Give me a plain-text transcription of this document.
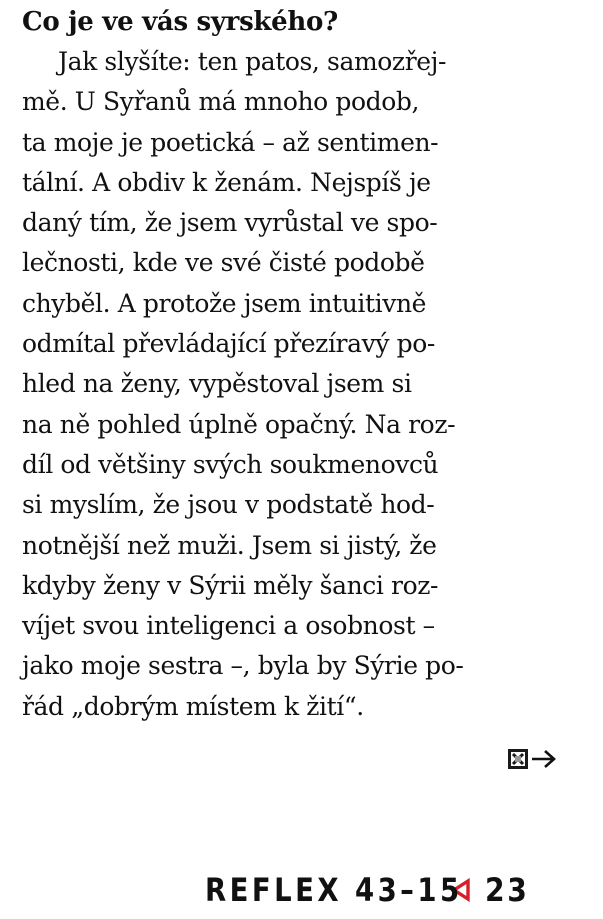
Co je ve vás syrského?
Jak slyšíte: ten patos, samozřej-
mě. U Syřanů má mnoho podob,
ta moje je poetická – až sentimen-
tální. A obdiv k ženám. Nejspíš je
daný tím, že jsem vyrůstal ve spo-
lečnosti, kde ve své čisté podobě
chyběl. A protože jsem intuitivně
odmítal převládající přezíravý po-
hled na ženy, vypěstoval jsem si
na ně pohled úplně opačný. Na roz-
díl od většiny svých soukmenovců
si myslím, že jsou v podstatě hod-
notnější než muži. Jsem si jistý, že
kdyby ženy v Sýrii měly šanci roz-
víjet svou inteligenci a osobnost –
jako moje sestra –, byla by Sýrie po-
řád „dobrým místem k žití“.
REFLEX 43–15 23
